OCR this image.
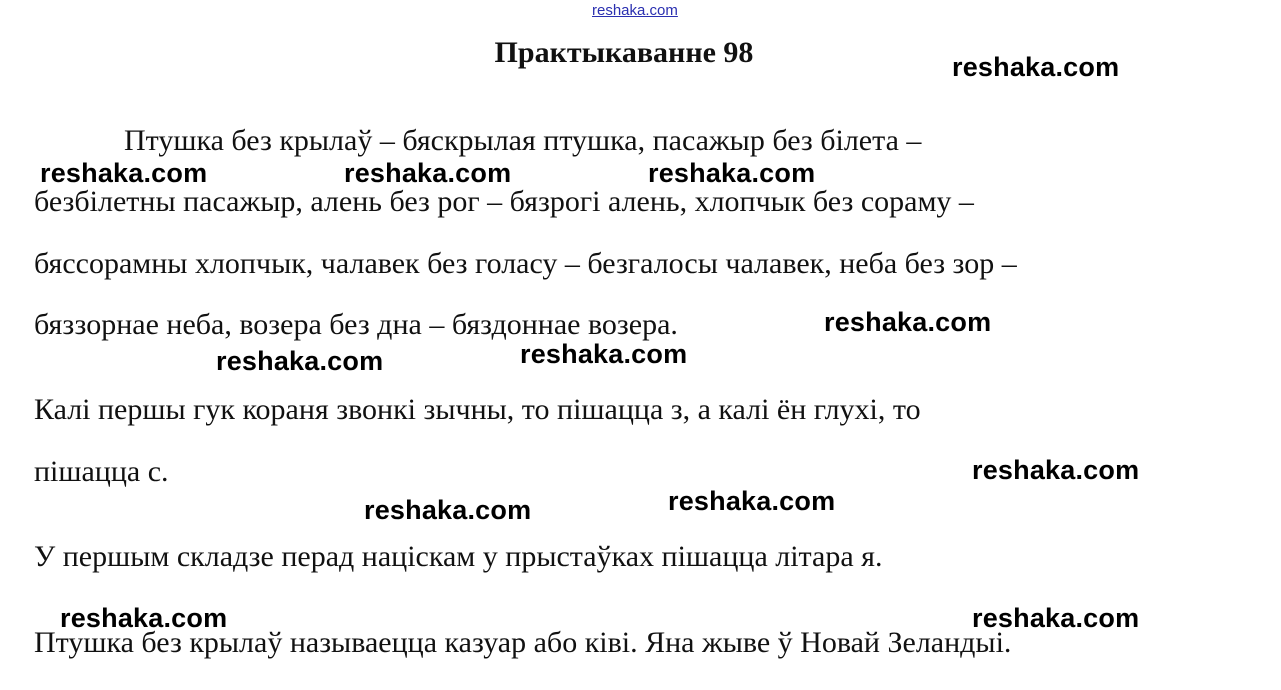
reshaka.com
Практыкаванне 98

Птушка без крылаў – бяскрылая птушка, пасажыр без білета –

безбілетны пасажыр, алень без рог – бязрогі алень, хлопчык без сораму –

бяссорамны хлопчык, чалавек без голасу – безгалосы чалавек, неба без зор –

бяззорнае неба, возера без дна – бяздоннае возера.

Калі першы гук кораня звонкі зычны, то пішацца з, а калі ён глухі, то

пішацца с.

У першым складзе перад націскам у прыстаўках пішацца літара я.

Птушка без крылаў называецца казуар або ківі. Яна жыве ў Новай Зеландыі.

reshaka.com
reshaka.com	reshaka.com	reshaka.com
reshaka.com
reshaka.com
reshaka.com
reshaka.com
reshaka.com
reshaka.com
reshaka.com	reshaka.com
